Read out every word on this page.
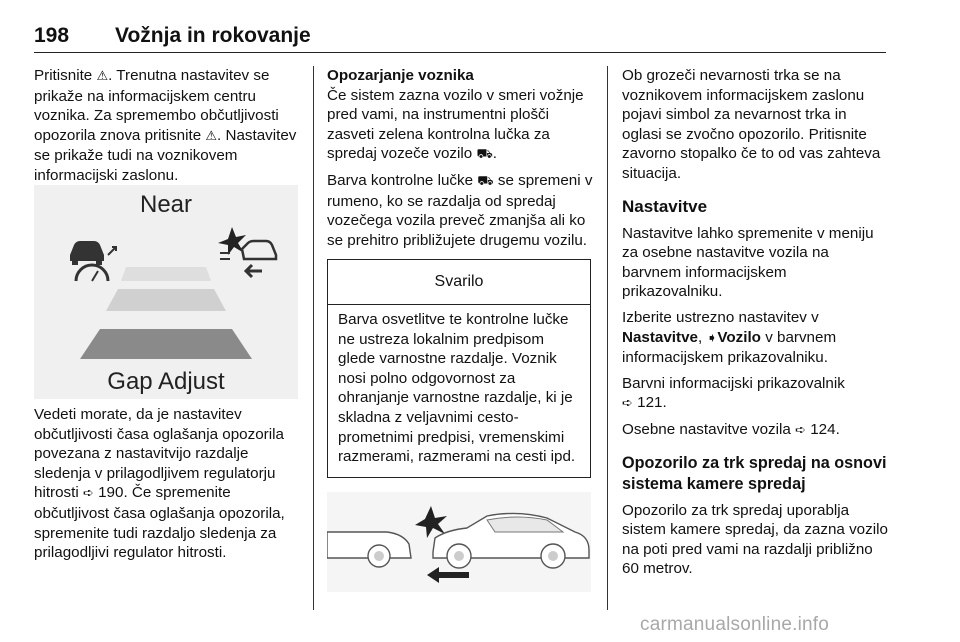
198 Vožnja in rokovanje

Pritisnite ⚠. Trenutna nastavitev se prikaže na informacijskem centru voznika. Za spremembo občutljivosti opozorila znova pritisnite ⚠. Nastavitev se prikaže tudi na voznikovem informacijski zaslonu.

Near
Gap Adjust

Vedeti morate, da je nastavitev občutljivosti časa oglašanja opozorila povezana z nastavitvijo razdalje sledenja v prilagodljivem regulatorju hitrosti ➪ 190. Če spremenite občutljivost časa oglašanja opozorila, spremenite tudi razdaljo sledenja za prilagodljivi regulator hitrosti.

Opozarjanje voznika

Če sistem zazna vozilo v smeri vožnje pred vami, na instrumentni plošči zasveti zelena kontrolna lučka za spredaj vozeče vozilo ⛟.

Barva kontrolne lučke ⛟ se spremeni v rumeno, ko se razdalja od spredaj vozečega vozila preveč zmanjša ali ko se prehitro približujete drugemu vozilu.

Svarilo
Barva osvetlitve te kontrolne lučke ne ustreza lokalnim predpisom glede varnostne razdalje. Voznik nosi polno odgovornost za ohranjanje varnostne razdalje, ki je skladna z veljavnimi cesto-prometnimi predpisi, vremenskimi razmerami, razmerami na cesti ipd.

Ob grozeči nevarnosti trka se na voznikovem informacijskem zaslonu pojavi simbol za nevarnost trka in oglasi se zvočno opozorilo. Pritisnite zavorno stopalko če to od vas zahteva situacija.

Nastavitve

Nastavitve lahko spremenite v meniju za osebne nastavitve vozila na barvnem informacijskem prikazovalniku.

Izberite ustrezno nastavitev v Nastavitve, ➧Vozilo v barvnem informacijskem prikazovalniku.

Barvni informacijski prikazovalnik
➪ 121.

Osebne nastavitve vozila ➪ 124.

Opozorilo za trk spredaj na osnovi sistema kamere spredaj

Opozorilo za trk spredaj uporablja sistem kamere spredaj, da zazna vozilo na poti pred vami na razdalji približno 60 metrov.

carmanualsonline.info
